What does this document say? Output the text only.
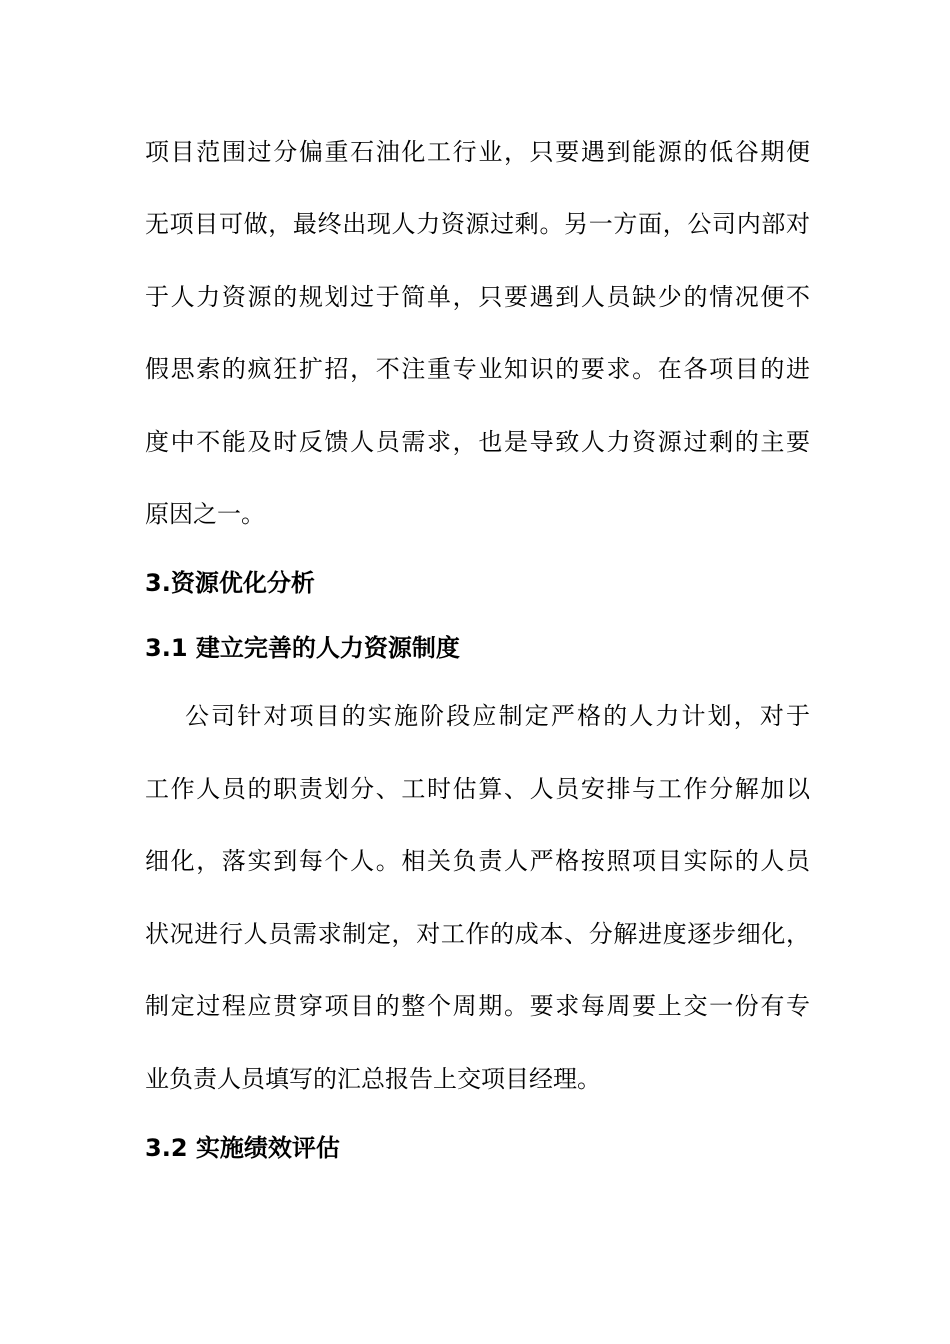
项目范围过分偏重石油化工行业，只要遇到能源的低谷期便
无项目可做，最终出现人力资源过剩。另一方面，公司内部对
于人力资源的规划过于简单，只要遇到人员缺少的情况便不
假思索的疯狂扩招，不注重专业知识的要求。在各项目的进
度中不能及时反馈人员需求，也是导致人力资源过剩的主要
原因之一。
3.资源优化分析
3.1 建立完善的人力资源制度
公司针对项目的实施阶段应制定严格的人力计划，对于
工作人员的职责划分、工时估算、人员安排与工作分解加以
细化，落实到每个人。相关负责人严格按照项目实际的人员
状况进行人员需求制定，对工作的成本、分解进度逐步细化，
制定过程应贯穿项目的整个周期。要求每周要上交一份有专
业负责人员填写的汇总报告上交项目经理。
3.2 实施绩效评估
